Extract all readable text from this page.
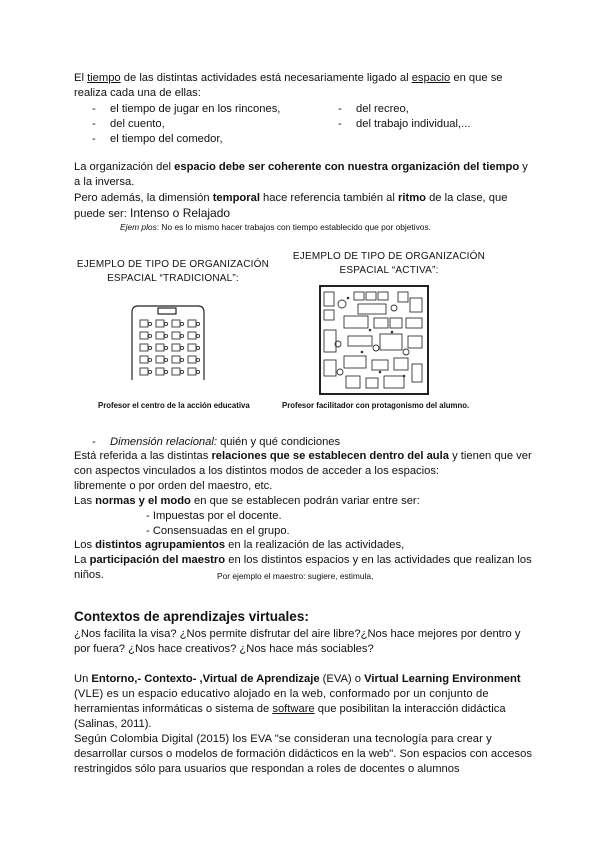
El tiempo de las distintas actividades está necesariamente ligado al espacio en que se
realiza cada una de ellas:
- el tiempo de jugar en los rincones,
- del cuento,
- el tiempo del comedor,
- del recreo,
- del trabajo individual,...
La organización del espacio debe ser coherente con nuestra organización del tiempo y
a la inversa.
Pero además, la dimensión temporal hace referencia también al ritmo de la clase, que
puede ser: Intenso o Relajado
Ejem plos: No es lo mismo hacer trabajos con tiempo establecido que por objetivos.
EJEMPLO DE TIPO DE ORGANIZACIÓN
ESPACIAL “TRADICIONAL”:
Profesor el centro de la acción educativa
EJEMPLO DE TIPO DE ORGANIZACIÓN
ESPACIAL “ACTIVA”:
Profesor facilitador con protagonismo del alumno.
- Dimensión relacional: quién y qué condiciones
Está referida a las distintas relaciones que se establecen dentro del aula y tienen que ver
con aspectos vinculados a los distintos modos de acceder a los espacios:
libremente o por orden del maestro, etc.
Las normas y el modo en que se establecen podrán variar entre ser:
- Impuestas por el docente.
- Consensuadas en el grupo.
Los distintos agrupamientos en la realización de las actividades,
La participación del maestro en los distintos espacios y en las actividades que realizan los
niños.	Por ejemplo el maestro: sugiere, estimula,
Contextos de aprendizajes virtuales:
¿Nos facilita la visa? ¿Nos permite disfrutar del aire libre?¿Nos hace mejores por dentro y
por fuera? ¿Nos hace creativos? ¿Nos hace más sociables?
Un Entorno,- Contexto- ,Virtual de Aprendizaje (EVA) o Virtual Learning Environment
(VLE) es un espacio educativo alojado en la web, conformado por un conjunto de
herramientas informáticas o sistema de software que posibilitan la interacción didáctica
(Salinas, 2011).
Según Colombia Digital (2015) los EVA "se consideran una tecnología para crear y
desarrollar cursos o modelos de formación didácticos en la web". Son espacios con accesos
restringidos sólo para usuarios que respondan a roles de docentes o alumnos
